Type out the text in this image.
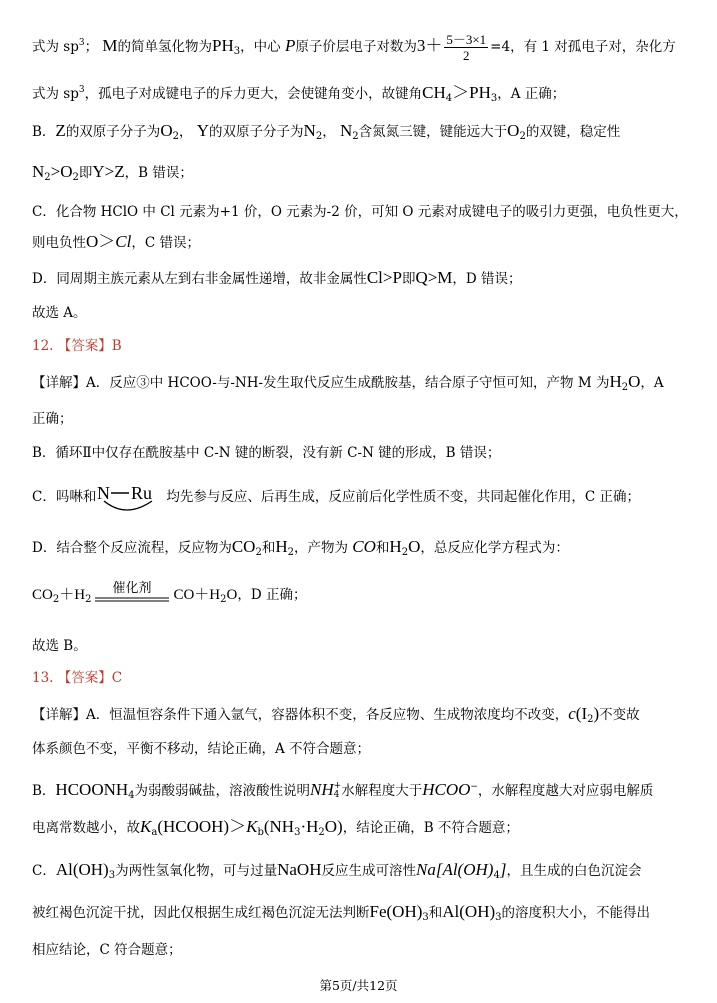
式为 $sp^3$； M的简单氢化物为$PH_3$，中心 P原子价层电子对数为$3+ \frac{5-3\times 1}{2} =4$，有 1 对孤电子对，杂化方
式为 $sp^3$，孤电子对成键电子的斥力更大，会使键角变小，故键角$CH_4>PH_3$，A 正确；
B．Z的双原子分子为$O_2$， Y的双原子分子为$N_2$， $N_2$含氮氮三键，键能远大于$O_2$的双键，稳定性
$N_2>O_2$即Y>Z，B 错误；
C．化合物 HClO 中 Cl 元素为+1 价，O 元素为-2 价，可知 O 元素对成键电子的吸引力更强，电负性更大，
则电负性O＞Cl，C 错误；
D．同周期主族元素从左到右非金属性递增，故非金属性Cl>P即Q>M，D 错误；
故选 A。
12. 【答案】B
【详解】A．反应③中 HCOO-与-NH-发生取代反应生成酰胺基，结合原子守恒可知，产物 M 为$H_2O$，A
正确；
B．循环Ⅱ中仅存在酰胺基中 C-N 键的断裂，没有新 C-N 键的形成，B 错误；
C．吗啉和 N Ru 均先参与反应、后再生成，反应前后化学性质不变，共同起催化作用，C 正确；
D．结合整个反应流程，反应物为$CO_2$和$H_2$，产物为 CO和$H_2O$，总反应化学方程式为：
$CO_2+H_2$
催化剂 $CO+H_2O$，D 正确；
故选 B。
13. 【答案】C
【详解】A．恒温恒容条件下通入氩气，容器体积不变，各反应物、生成物浓度均不改变，$c(I_2)$不变故
体系颜色不变，平衡不移动，结论正确，A 不符合题意；
B．$HCOONH_4$为弱酸弱碱盐，溶液酸性说明NH +
4 水解程度大于HCOO−，水解程度越大对应弱电解质
电离常数越小，故$K_a(HCOOH)>K_b(NH_3\cdot H_2O)$，结论正确，B 不符合题意；
C．$Al(OH)_3$为两性氢氧化物，可与过量NaOH反应生成可溶性$Na[Al(OH)_4]$，且生成的白色沉淀会
被红褐色沉淀干扰，因此仅根据生成红褐色沉淀无法判断$Fe(OH)_3$和$Al(OH)_3$的溶度积大小，不能得出
相应结论，C 符合题意；
第5页/共12页
